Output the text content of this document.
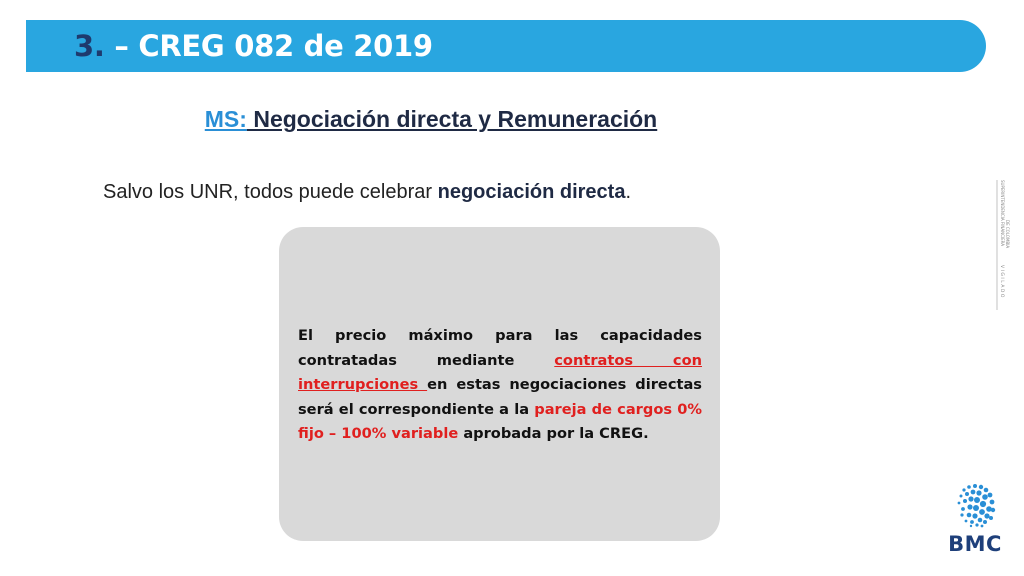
3. – CREG 082 de 2019
MS: Negociación directa y Remuneración
Salvo los UNR, todos puede celebrar negociación directa.
El precio máximo para las capacidades contratadas mediante contratos con interrupciones en estas negociaciones directas será el correspondiente a la pareja de cargos 0% fijo – 100% variable aprobada por la CREG.
SUPERINTENDENCIA FINANCIERA DE COLOMBIA
VIGILADO
BMC
